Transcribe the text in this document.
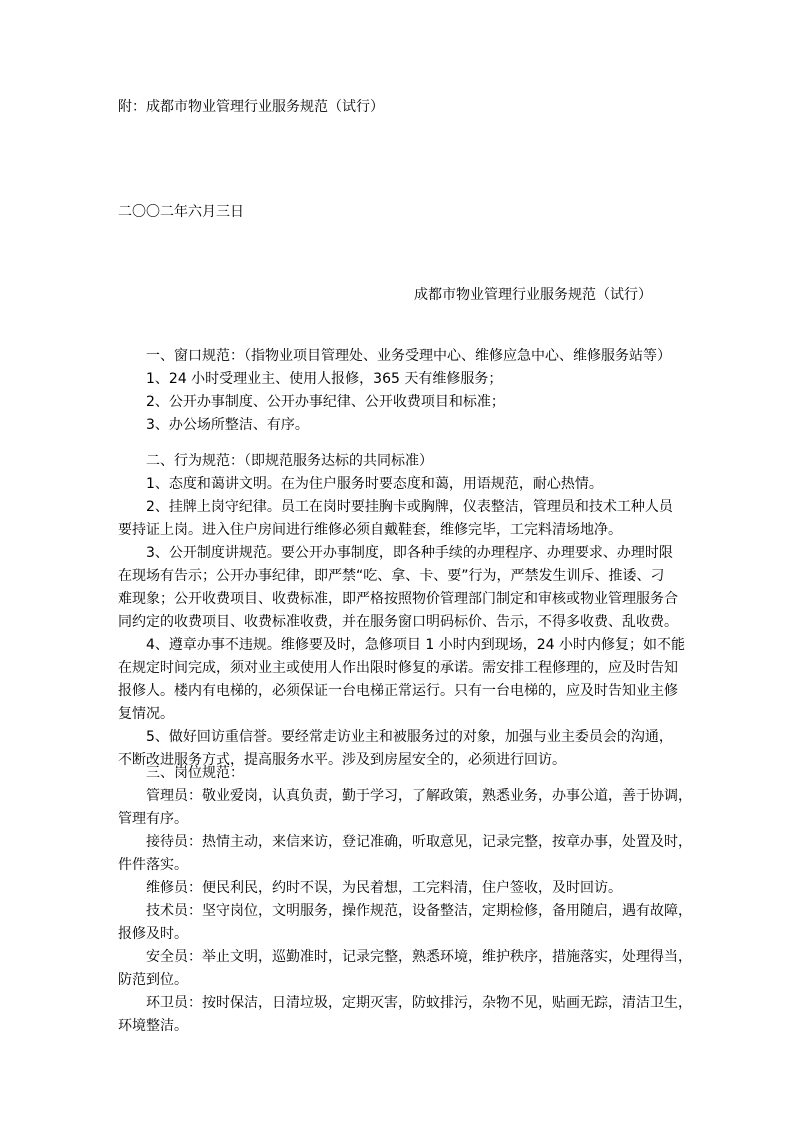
附：成都市物业管理行业服务规范（试行）
二〇〇二年六月三日
成都市物业管理行业服务规范（试行）
一、窗口规范：（指物业项目管理处、业务受理中心、维修应急中心、维修服务站等）
1、24 小时受理业主、使用人报修，365 天有维修服务；
2、公开办事制度、公开办事纪律、公开收费项目和标准；
3、办公场所整洁、有序。
二、行为规范：（即规范服务达标的共同标准）
1、态度和蔼讲文明。在为住户服务时要态度和蔼，用语规范，耐心热情。
2、挂牌上岗守纪律。员工在岗时要挂胸卡或胸牌，仪表整洁，管理员和技术工种人员
要持证上岗。进入住户房间进行维修必须自戴鞋套，维修完毕，工完料清场地净。
3、公开制度讲规范。要公开办事制度，即各种手续的办理程序、办理要求、办理时限
在现场有告示；公开办事纪律，即严禁“吃、拿、卡、要”行为，严禁发生训斥、推诿、刁
难现象；公开收费项目、收费标准，即严格按照物价管理部门制定和审核或物业管理服务合
同约定的收费项目、收费标准收费，并在服务窗口明码标价、告示，不得多收费、乱收费。
4、遵章办事不违规。维修要及时，急修项目 1 小时内到现场，24 小时内修复；如不能
在规定时间完成，须对业主或使用人作出限时修复的承诺。需安排工程修理的，应及时告知
报修人。楼内有电梯的，必须保证一台电梯正常运行。只有一台电梯的，应及时告知业主修
复情况。
5、做好回访重信誉。要经常走访业主和被服务过的对象，加强与业主委员会的沟通，
不断改进服务方式，提高服务水平。涉及到房屋安全的，必须进行回访。
三、岗位规范：
管理员：敬业爱岗，认真负责，勤于学习，了解政策，熟悉业务，办事公道，善于协调，
管理有序。
接待员：热情主动，来信来访，登记准确，听取意见，记录完整，按章办事，处置及时，
件件落实。
维修员：便民利民，约时不误，为民着想，工完料清，住户签收，及时回访。
技术员：坚守岗位，文明服务，操作规范，设备整洁，定期检修，备用随启，遇有故障，
报修及时。
安全员：举止文明，巡勤准时，记录完整，熟悉环境，维护秩序，措施落实，处理得当，
防范到位。
环卫员：按时保洁，日清垃圾，定期灭害，防蚊排污，杂物不见，贴画无踪，清洁卫生，
环境整洁。
